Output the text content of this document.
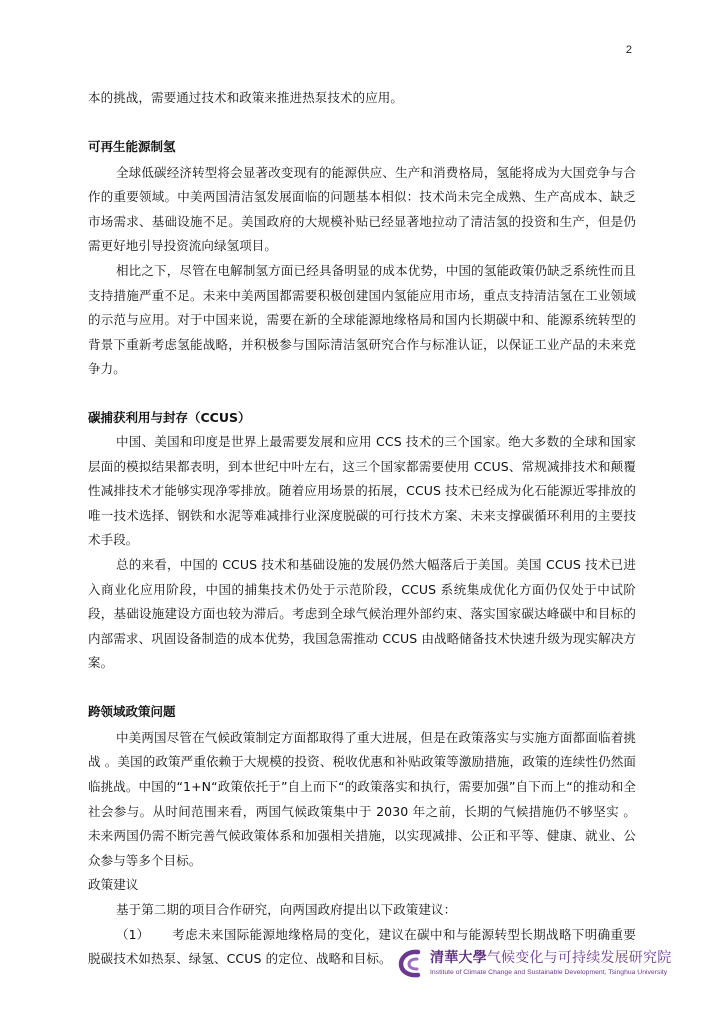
2

本的挑战，需要通过技术和政策来推进热泵技术的应用。

可再生能源制氢

全球低碳经济转型将会显著改变现有的能源供应、生产和消费格局，氢能将成为大国竞争与合作的重要领域。中美两国清洁氢发展面临的问题基本相似：技术尚未完全成熟、生产高成本、缺乏市场需求、基础设施不足。美国政府的大规模补贴已经显著地拉动了清洁氢的投资和生产，但是仍需更好地引导投资流向绿氢项目。

相比之下，尽管在电解制氢方面已经具备明显的成本优势，中国的氢能政策仍缺乏系统性而且支持措施严重不足。未来中美两国都需要积极创建国内氢能应用市场，重点支持清洁氢在工业领域的示范与应用。对于中国来说，需要在新的全球能源地缘格局和国内长期碳中和、能源系统转型的背景下重新考虑氢能战略，并积极参与国际清洁氢研究合作与标准认证，以保证工业产品的未来竞争力。

碳捕获利用与封存（CCUS）

中国、美国和印度是世界上最需要发展和应用 CCS 技术的三个国家。绝大多数的全球和国家层面的模拟结果都表明，到本世纪中叶左右，这三个国家都需要使用 CCUS、常规减排技术和颠覆性减排技术才能够实现净零排放。随着应用场景的拓展，CCUS 技术已经成为化石能源近零排放的唯一技术选择、钢铁和水泥等难减排行业深度脱碳的可行技术方案、未来支撑碳循环利用的主要技术手段。

总的来看，中国的 CCUS 技术和基础设施的发展仍然大幅落后于美国。美国 CCUS 技术已进入商业化应用阶段，中国的捕集技术仍处于示范阶段，CCUS 系统集成优化方面仍仅处于中试阶段，基础设施建设方面也较为滞后。考虑到全球气候治理外部约束、落实国家碳达峰碳中和目标的内部需求、巩固设备制造的成本优势，我国急需推动 CCUS 由战略储备技术快速升级为现实解决方案。

跨领域政策问题

中美两国尽管在气候政策制定方面都取得了重大进展，但是在政策落实与实施方面都面临着挑战 。美国的政策严重依赖于大规模的投资、税收优惠和补贴政策等激励措施，政策的连续性仍然面临挑战。中国的“1+N“政策依托于”自上而下“的政策落实和执行，需要加强”自下而上“的推动和全社会参与。从时间范围来看，两国气候政策集中于 2030 年之前，长期的气候措施仍不够坚实 。未来两国仍需不断完善气候政策体系和加强相关措施，以实现减排、公正和平等、健康、就业、公众参与等多个目标。

政策建议

基于第二期的项目合作研究，向两国政府提出以下政策建议：

（1） 考虑未来国际能源地缘格局的变化，建议在碳中和与能源转型长期战略下明确重要脱碳技术如热泵、绿氢、CCUS 的定位、战略和目标。	清華大學气候变化与可持续发展研究院
Institute of Climate Change and Sustainable Development, Tsinghua University
